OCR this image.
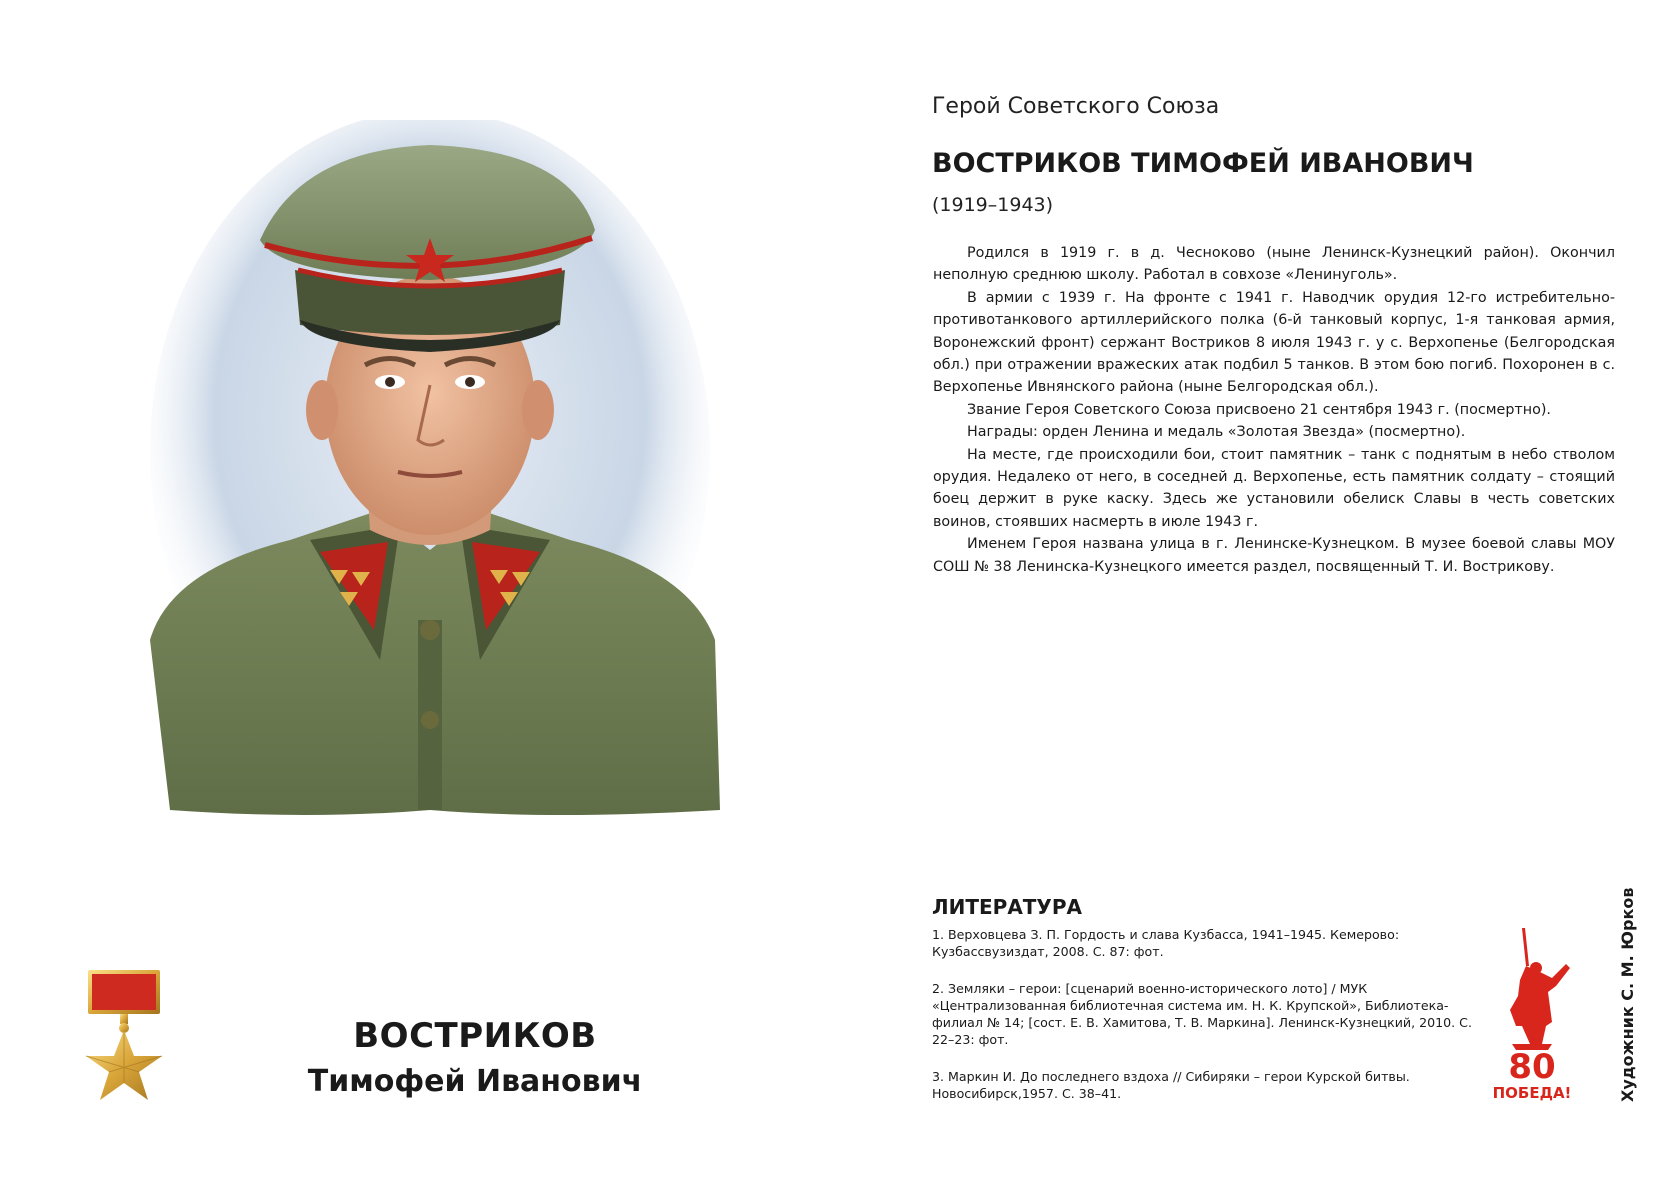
ВОСТРИКОВ
Тимофей Иванович
Герой Советского Союза
ВОСТРИКОВ ТИМОФЕЙ ИВАНОВИЧ
(1919–1943)

Родился в 1919 г. в д. Чесноково (ныне Ленинск-Кузнецкий район). Окончил неполную среднюю школу. Работал в совхозе «Ленинуголь».

В армии с 1939 г. На фронте с 1941 г. Наводчик орудия 12-го истребительно-противотанкового артиллерийского полка (6-й танковый корпус, 1-я танковая армия, Воронежский фронт) сержант Востриков 8 июля 1943 г. у с. Верхопенье (Белгородская обл.) при отражении вражеских атак подбил 5 танков. В этом бою погиб. Похоронен в с. Верхопенье Ивнянского района (ныне Белгородская обл.).

Звание Героя Советского Союза присвоено 21 сентября 1943 г. (посмертно).

Награды: орден Ленина и медаль «Золотая Звезда» (посмертно).

На месте, где происходили бои, стоит памятник – танк с поднятым в небо стволом орудия. Недалеко от него, в соседней д. Верхопенье, есть памятник солдату – стоящий боец держит в руке каску. Здесь же установили обелиск Славы в честь советских воинов, стоявших насмерть в июле 1943 г.

Именем Героя названа улица в г. Ленинске-Кузнецком. В музее боевой славы МОУ СОШ № 38 Ленинска-Кузнецкого имеется раздел, посвященный Т. И. Вострикову.

ЛИТЕРАТУРА
1. Верховцева З. П. Гордость и слава Кузбасса, 1941–1945. Кемерово: Кузбассвузиздат, 2008. С. 87: фот.
2. Земляки – герои: [сценарий военно-исторического лото] / МУК «Централизованная библиотечная система им. Н. К. Крупской», Библиотека-филиал № 14; [сост. Е. В. Хамитова, Т. В. Маркина]. Ленинск-Кузнецкий, 2010. С. 22–23: фот.
3. Маркин И. До последнего вздоха // Сибиряки – герои Курской битвы. Новосибирск,1957. С. 38–41.
80
ПОБЕДА!	Художник С. М. Юрков
